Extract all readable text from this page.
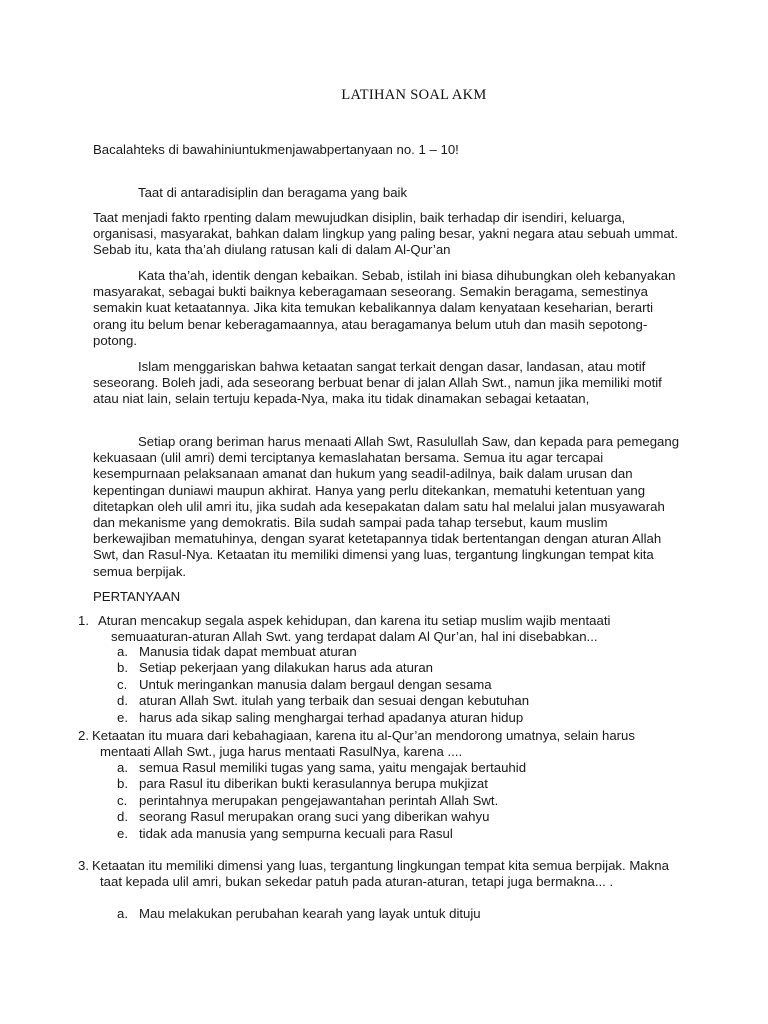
LATIHAN SOAL AKM

Bacalahteks di bawahiniuntukmenjawabpertanyaan no. 1 – 10!

Taat di antaradisiplin dan beragama yang baik

Taat menjadi fakto rpenting dalam mewujudkan disiplin, baik terhadap dir isendiri, keluarga, organisasi, masyarakat, bahkan dalam lingkup yang paling besar, yakni negara atau sebuah ummat. Sebab itu, kata tha’ah diulang ratusan kali di dalam Al-Qur’an

Kata tha’ah, identik dengan kebaikan. Sebab, istilah ini biasa dihubungkan oleh kebanyakan masyarakat, sebagai bukti baiknya keberagamaan seseorang. Semakin beragama, semestinya semakin kuat ketaatannya. Jika kita temukan kebalikannya dalam kenyataan keseharian, berarti orang itu belum benar keberagamaannya, atau beragamanya belum utuh dan masih sepotong-potong.

Islam menggariskan bahwa ketaatan sangat terkait dengan dasar, landasan, atau motif seseorang. Boleh jadi, ada seseorang berbuat benar di jalan Allah Swt., namun jika memiliki motif atau niat lain, selain tertuju kepada-Nya, maka itu tidak dinamakan sebagai ketaatan,

Setiap orang beriman harus menaati Allah Swt, Rasulullah Saw, dan kepada para pemegang kekuasaan (ulil amri) demi terciptanya kemaslahatan bersama. Semua itu agar tercapai kesempurnaan pelaksanaan amanat dan hukum yang seadil-adilnya, baik dalam urusan dan kepentingan duniawi maupun akhirat. Hanya yang perlu ditekankan, mematuhi ketentuan yang ditetapkan oleh ulil amri itu, jika sudah ada kesepakatan dalam satu hal melalui jalan musyawarah dan mekanisme yang demokratis. Bila sudah sampai pada tahap tersebut, kaum muslim berkewajiban mematuhinya, dengan syarat ketetapannya tidak bertentangan dengan aturan Allah Swt, dan Rasul-Nya. Ketaatan itu memiliki dimensi yang luas, tergantung lingkungan tempat kita semua berpijak.

PERTANYAAN

1. Aturan mencakup segala aspek kehidupan, dan karena itu setiap muslim wajib mentaati semuaaturan-aturan Allah Swt. yang terdapat dalam Al Qur’an, hal ini disebabkan...
a. Manusia tidak dapat membuat aturan
b. Setiap pekerjaan yang dilakukan harus ada aturan
c. Untuk meringankan manusia dalam bergaul dengan sesama
d. aturan Allah Swt. itulah yang terbaik dan sesuai dengan kebutuhan
e. harus ada sikap saling menghargai terhad apadanya aturan hidup
2. Ketaatan itu muara dari kebahagiaan, karena itu al-Qur’an mendorong umatnya, selain harus mentaati Allah Swt., juga harus mentaati RasulNya, karena ....
a. semua Rasul memiliki tugas yang sama, yaitu mengajak bertauhid
b. para Rasul itu diberikan bukti kerasulannya berupa mukjizat
c. perintahnya merupakan pengejawantahan perintah Allah Swt.
d. seorang Rasul merupakan orang suci yang diberikan wahyu
e. tidak ada manusia yang sempurna kecuali para Rasul
3. Ketaatan itu memiliki dimensi yang luas, tergantung lingkungan tempat kita semua berpijak. Makna taat kepada ulil amri, bukan sekedar patuh pada aturan-aturan, tetapi juga bermakna... .
a. Mau melakukan perubahan kearah yang layak untuk dituju
